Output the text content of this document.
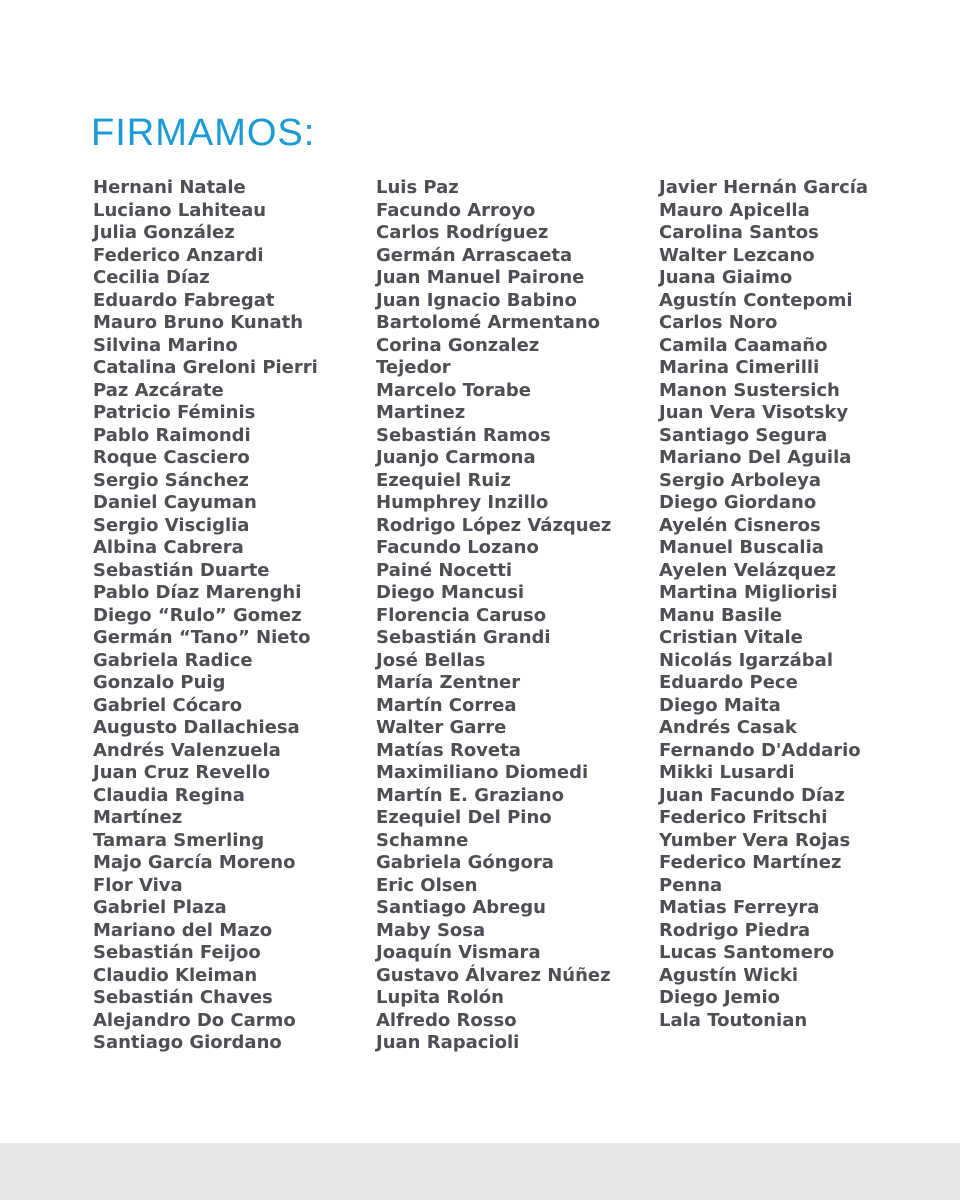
FIRMAMOS:
Hernani Natale
Luciano Lahiteau
Julia González
Federico Anzardi
Cecilia Díaz
Eduardo Fabregat
Mauro Bruno Kunath
Silvina Marino
Catalina Greloni Pierri
Paz Azcárate
Patricio Féminis
Pablo Raimondi
Roque Casciero
Sergio Sánchez
Daniel Cayuman
Sergio Visciglia
Albina Cabrera
Sebastián Duarte
Pablo Díaz Marenghi
Diego “Rulo” Gomez
Germán “Tano” Nieto
Gabriela Radice
Gonzalo Puig
Gabriel Cócaro
Augusto Dallachiesa
Andrés Valenzuela
Juan Cruz Revello
Claudia Regina
Martínez
Tamara Smerling
Majo García Moreno
Flor Viva
Gabriel Plaza
Mariano del Mazo
Sebastián Feijoo
Claudio Kleiman
Sebastián Chaves
Alejandro Do Carmo
Santiago Giordano
Luis Paz
Facundo Arroyo
Carlos Rodríguez
Germán Arrascaeta
Juan Manuel Pairone
Juan Ignacio Babino
Bartolomé Armentano
Corina Gonzalez
Tejedor
Marcelo Torabe
Martinez
Sebastián Ramos
Juanjo Carmona
Ezequiel Ruiz
Humphrey Inzillo
Rodrigo López Vázquez
Facundo Lozano
Painé Nocetti
Diego Mancusi
Florencia Caruso
Sebastián Grandi
José Bellas
María Zentner
Martín Correa
Walter Garre
Matías Roveta
Maximiliano Diomedi
Martín E. Graziano
Ezequiel Del Pino
Schamne
Gabriela Góngora
Eric Olsen
Santiago Abregu
Maby Sosa
Joaquín Vismara
Gustavo Álvarez Núñez
Lupita Rolón
Alfredo Rosso
Juan Rapacioli
Javier Hernán García
Mauro Apicella
Carolina Santos
Walter Lezcano
Juana Giaimo
Agustín Contepomi
Carlos Noro
Camila Caamaño
Marina Cimerilli
Manon Sustersich
Juan Vera Visotsky
Santiago Segura
Mariano Del Aguila
Sergio Arboleya
Diego Giordano
Ayelén Cisneros
Manuel Buscalia
Ayelen Velázquez
Martina Migliorisi
Manu Basile
Cristian Vitale
Nicolás Igarzábal
Eduardo Pece
Diego Maita
Andrés Casak
Fernando D'Addario
Mikki Lusardi
Juan Facundo Díaz
Federico Fritschi
Yumber Vera Rojas
Federico Martínez
Penna
Matias Ferreyra
Rodrigo Piedra
Lucas Santomero
Agustín Wicki
Diego Jemio
Lala Toutonian
